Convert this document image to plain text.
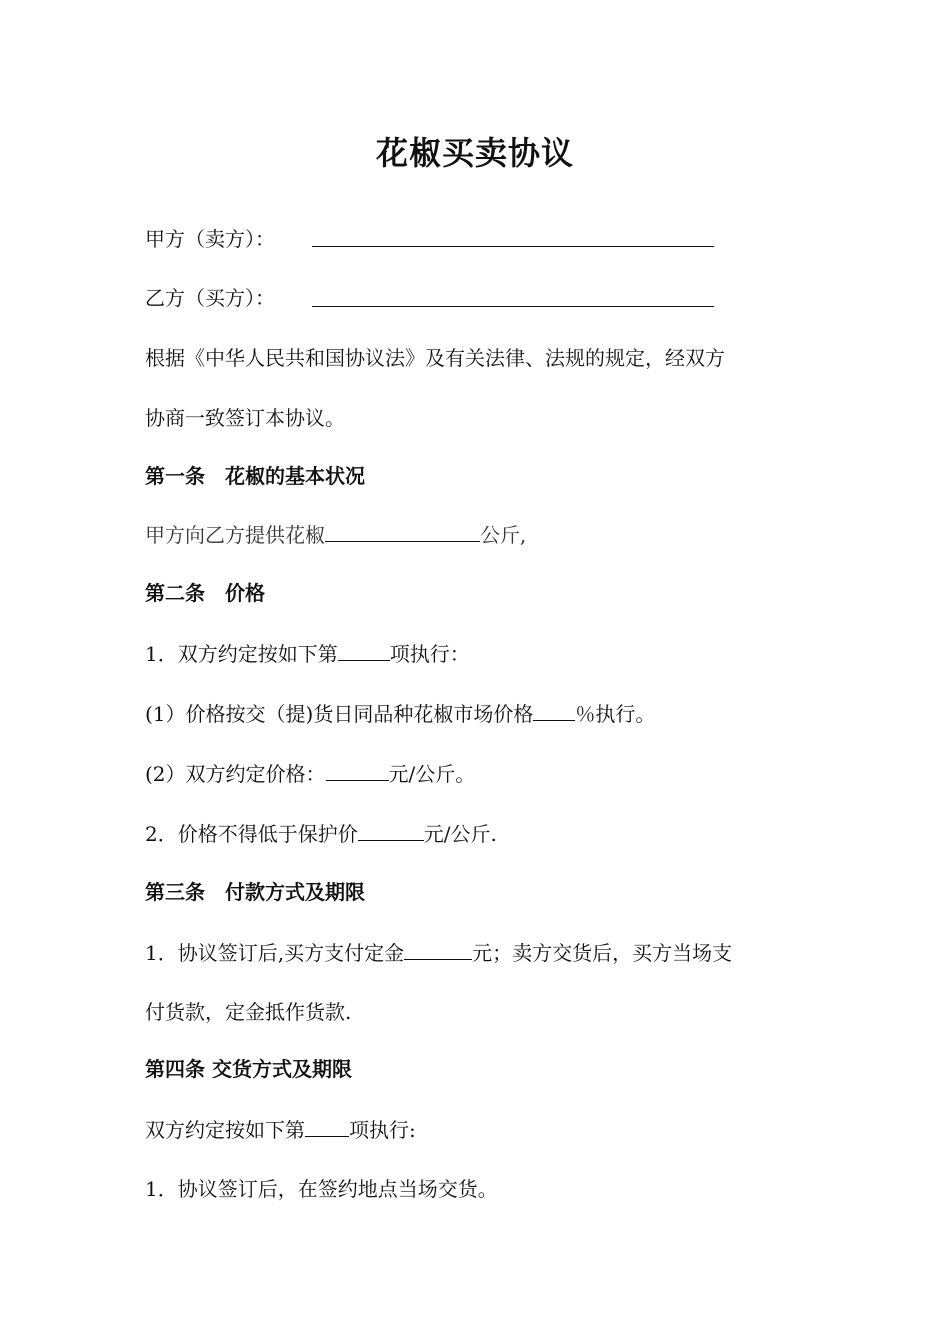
花椒买卖协议
甲方（卖方）：
乙方（买方）：
根据《中华人民共和国协议法》及有关法律、法规的规定，经双方
协商一致签订本协议。
第一条　花椒的基本状况
甲方向乙方提供花椒	公斤,
第二条　价格
1．双方约定按如下第	项执行：
(1）价格按交（提)货日同品种花椒市场价格 ％执行。
(2）双方约定价格：	元/公斤。
2．价格不得低于保护价	元/公斤.
第三条　付款方式及期限
1．协议签订后,买方支付定金	元；卖方交货后，买方当场支
付货款，定金抵作货款.
第四条 交货方式及期限
双方约定按如下第 项执行:
1．协议签订后，在签约地点当场交货。
